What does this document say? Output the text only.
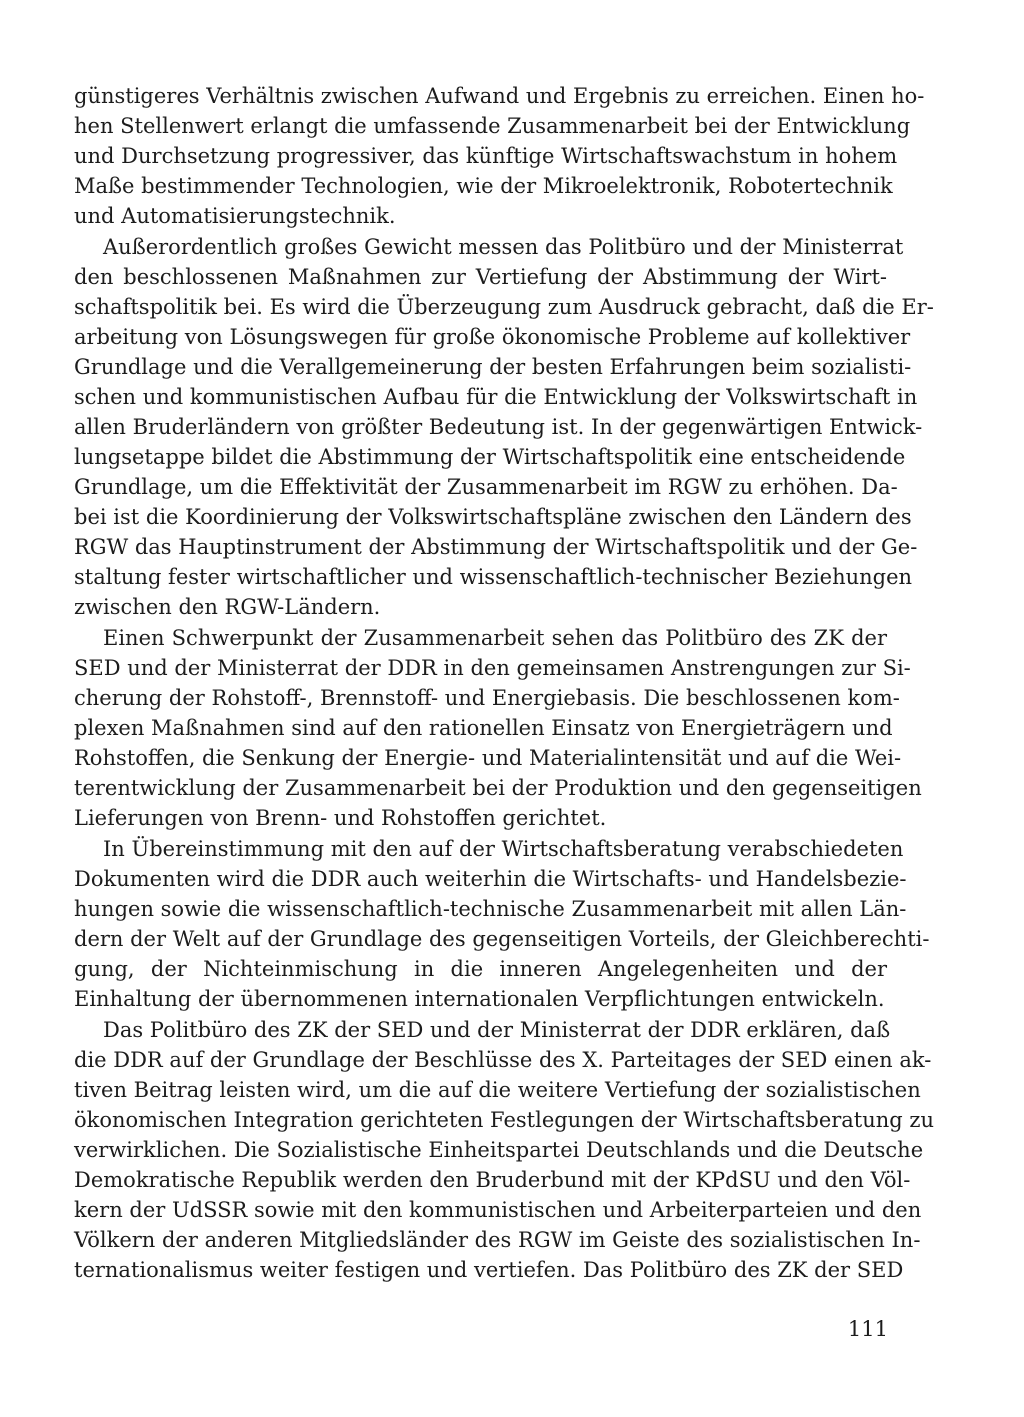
günstigeres Verhältnis zwischen Aufwand und Ergebnis zu erreichen. Einen ho-
hen Stellenwert erlangt die umfassende Zusammenarbeit bei der Entwicklung
und Durchsetzung progressiver, das künftige Wirtschaftswachstum in hohem
Maße bestimmender Technologien, wie der Mikroelektronik, Robotertechnik
und Automatisierungstechnik.
Außerordentlich großes Gewicht messen das Politbüro und der Ministerrat
den beschlossenen Maßnahmen zur Vertiefung der Abstimmung der Wirt-
schaftspolitik bei. Es wird die Überzeugung zum Ausdruck gebracht, daß die Er-
arbeitung von Lösungswegen für große ökonomische Probleme auf kollektiver
Grundlage und die Verallgemeinerung der besten Erfahrungen beim sozialisti-
schen und kommunistischen Aufbau für die Entwicklung der Volkswirtschaft in
allen Bruderländern von größter Bedeutung ist. In der gegenwärtigen Entwick-
lungsetappe bildet die Abstimmung der Wirtschaftspolitik eine entscheidende
Grundlage, um die Effektivität der Zusammenarbeit im RGW zu erhöhen. Da-
bei ist die Koordinierung der Volkswirtschaftspläne zwischen den Ländern des
RGW das Hauptinstrument der Abstimmung der Wirtschaftspolitik und der Ge-
staltung fester wirtschaftlicher und wissenschaftlich-technischer Beziehungen
zwischen den RGW-Ländern.
Einen Schwerpunkt der Zusammenarbeit sehen das Politbüro des ZK der
SED und der Ministerrat der DDR in den gemeinsamen Anstrengungen zur Si-
cherung der Rohstoff-, Brennstoff- und Energiebasis. Die beschlossenen kom-
plexen Maßnahmen sind auf den rationellen Einsatz von Energieträgern und
Rohstoffen, die Senkung der Energie- und Materialintensität und auf die Wei-
terentwicklung der Zusammenarbeit bei der Produktion und den gegenseitigen
Lieferungen von Brenn- und Rohstoffen gerichtet.
In Übereinstimmung mit den auf der Wirtschaftsberatung verabschiedeten
Dokumenten wird die DDR auch weiterhin die Wirtschafts- und Handelsbezie-
hungen sowie die wissenschaftlich-technische Zusammenarbeit mit allen Län-
dern der Welt auf der Grundlage des gegenseitigen Vorteils, der Gleichberechti-
gung, der Nichteinmischung in die inneren Angelegenheiten und der
Einhaltung der übernommenen internationalen Verpflichtungen entwickeln.
Das Politbüro des ZK der SED und der Ministerrat der DDR erklären, daß
die DDR auf der Grundlage der Beschlüsse des X. Parteitages der SED einen ak-
tiven Beitrag leisten wird, um die auf die weitere Vertiefung der sozialistischen
ökonomischen Integration gerichteten Festlegungen der Wirtschaftsberatung zu
verwirklichen. Die Sozialistische Einheitspartei Deutschlands und die Deutsche
Demokratische Republik werden den Bruderbund mit der KPdSU und den Völ-
kern der UdSSR sowie mit den kommunistischen und Arbeiterparteien und den
Völkern der anderen Mitgliedsländer des RGW im Geiste des sozialistischen In-
ternationalismus weiter festigen und vertiefen. Das Politbüro des ZK der SED
111
